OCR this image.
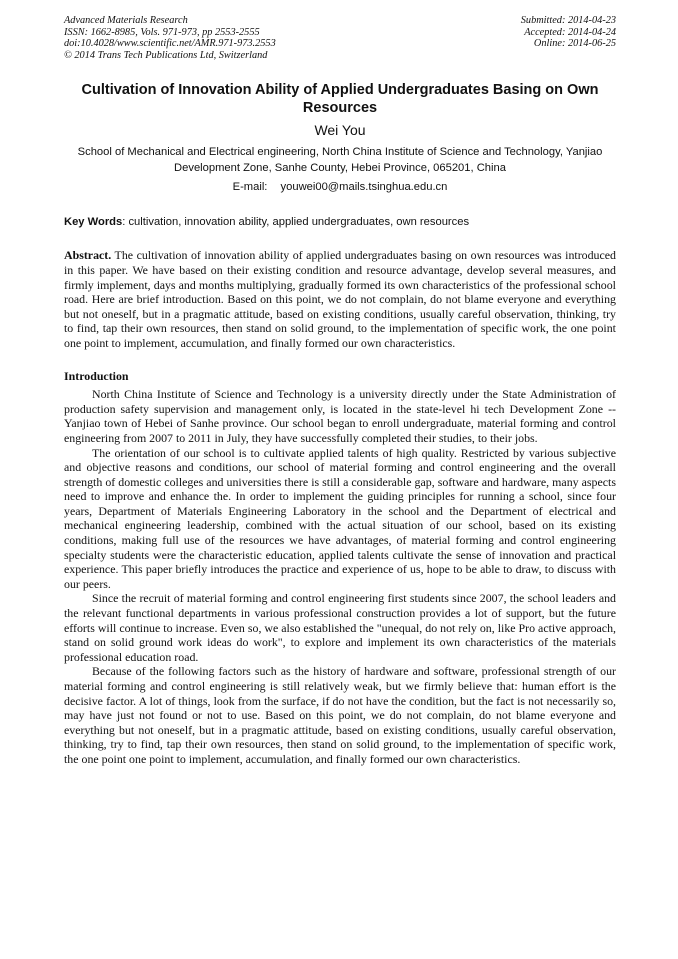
Advanced Materials Research
ISSN: 1662-8985, Vols. 971-973, pp 2553-2555
doi:10.4028/www.scientific.net/AMR.971-973.2553
© 2014 Trans Tech Publications Ltd, Switzerland
Submitted: 2014-04-23
Accepted: 2014-04-24
Online: 2014-06-25
Cultivation of Innovation Ability of Applied Undergraduates Basing on Own Resources
Wei You
School of Mechanical and Electrical engineering, North China Institute of Science and Technology, Yanjiao Development Zone, Sanhe County, Hebei Province, 065201, China
E-mail: youwei00@mails.tsinghua.edu.cn
Key Words: cultivation, innovation ability, applied undergraduates, own resources
Abstract. The cultivation of innovation ability of applied undergraduates basing on own resources was introduced in this paper. We have based on their existing condition and resource advantage, develop several measures, and firmly implement, days and months multiplying, gradually formed its own characteristics of the professional school road. Here are brief introduction. Based on this point, we do not complain, do not blame everyone and everything but not oneself, but in a pragmatic attitude, based on existing conditions, usually careful observation, thinking, try to find, tap their own resources, then stand on solid ground, to the implementation of specific work, the one point one point to implement, accumulation, and finally formed our own characteristics.
Introduction

North China Institute of Science and Technology is a university directly under the State Administration of production safety supervision and management only, is located in the state-level hi tech Development Zone -- Yanjiao town of Hebei of Sanhe province. Our school began to enroll undergraduate, material forming and control engineering from 2007 to 2011 in July, they have successfully completed their studies, to their jobs.

The orientation of our school is to cultivate applied talents of high quality. Restricted by various subjective and objective reasons and conditions, our school of material forming and control engineering and the overall strength of domestic colleges and universities there is still a considerable gap, software and hardware, many aspects need to improve and enhance the. In order to implement the guiding principles for running a school, since four years, Department of Materials Engineering Laboratory in the school and the Department of electrical and mechanical engineering leadership, combined with the actual situation of our school, based on its existing conditions, making full use of the resources we have advantages, of material forming and control engineering specialty students were the characteristic education, applied talents cultivate the sense of innovation and practical experience. This paper briefly introduces the practice and experience of us, hope to be able to draw, to discuss with our peers.

Since the recruit of material forming and control engineering first students since 2007, the school leaders and the relevant functional departments in various professional construction provides a lot of support, but the future efforts will continue to increase. Even so, we also established the "unequal, do not rely on, like Pro active approach, stand on solid ground work ideas do work", to explore and implement its own characteristics of the materials professional education road.

Because of the following factors such as the history of hardware and software, professional strength of our material forming and control engineering is still relatively weak, but we firmly believe that: human effort is the decisive factor. A lot of things, look from the surface, if do not have the condition, but the fact is not necessarily so, may have just not found or not to use. Based on this point, we do not complain, do not blame everyone and everything but not oneself, but in a pragmatic attitude, based on existing conditions, usually careful observation, thinking, try to find, tap their own resources, then stand on solid ground, to the implementation of specific work, the one point one point to implement, accumulation, and finally formed our own characteristics.
